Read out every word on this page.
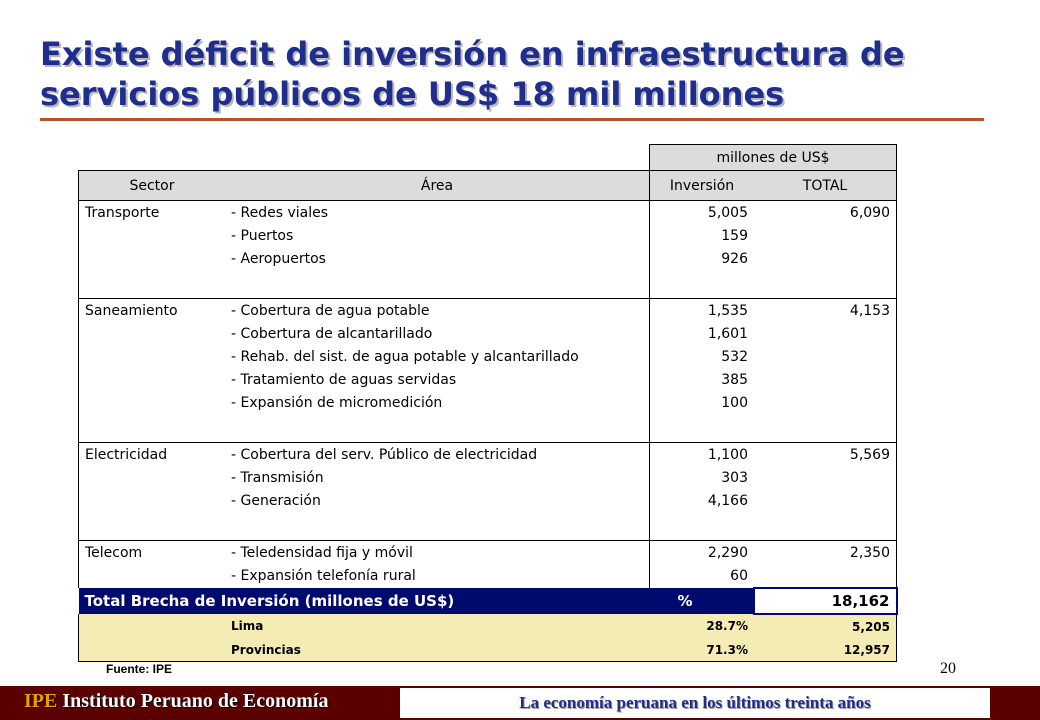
Existe déficit de inversión en infraestructura de
servicios públicos de US$ 18 mil millones
		millones de US$		
Sector	Área	Inversión	TOTAL	
Transporte	- Redes viales	5,005	6,090	
	- Puertos	159		
	- Aeropuertos	926		

Saneamiento	- Cobertura de agua potable	1,535	4,153	
	- Cobertura de alcantarillado	1,601		
	- Rehab. del sist. de agua potable y alcantarillado	532		
	- Tratamiento de aguas servidas	385		
	- Expansión de micromedición	100		

Electricidad	- Cobertura del serv. Público de electricidad	1,100	5,569	
	- Transmisión	303		
	- Generación	4,166		

Telecom	- Teledensidad fija y móvil	2,290	2,350	
	- Expansión telefonía rural	60		
Total Brecha de Inversión (millones de US$)		%	18,162	
	Lima	28.7%	5,205	
	Provincias	71.3%	12,957	
Fuente: IPE	20
IPE Instituto Peruano de Economía	La economía peruana en los últimos treinta años
